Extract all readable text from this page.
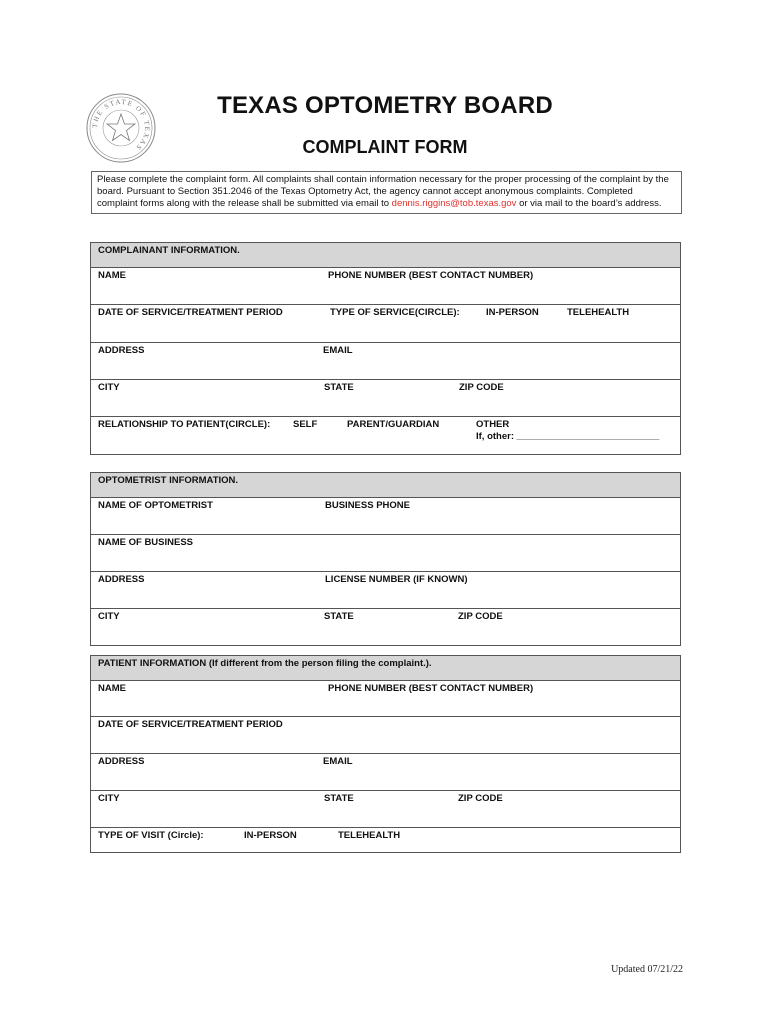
THE STATE OF TEXAS
TEXAS OPTOMETRY BOARD
COMPLAINT FORM
Please complete the complaint form. All complaints shall contain information necessary for the proper processing of the complaint by the board. Pursuant to Section 351.2046 of the Texas Optometry Act, the agency cannot accept anonymous complaints. Completed complaint forms along with the release shall be submitted via email to dennis.riggins@tob.texas.gov or via mail to the board’s address.
COMPLAINANT INFORMATION.
NAME	PHONE NUMBER (BEST CONTACT NUMBER)
DATE OF SERVICE/TREATMENT PERIOD	TYPE OF SERVICE(CIRCLE):	IN-PERSON	TELEHEALTH
ADDRESS	EMAIL
CITY	STATE	ZIP CODE
RELATIONSHIP TO PATIENT(CIRCLE): SELF	PARENT/GUARDIAN	OTHER
If, other: ___________________________
OPTOMETRIST INFORMATION.
NAME OF OPTOMETRIST	BUSINESS PHONE
NAME OF BUSINESS
ADDRESS	LICENSE NUMBER (IF KNOWN)
CITY	STATE	ZIP CODE
PATIENT INFORMATION (If different from the person filing the complaint.).
NAME	PHONE NUMBER (BEST CONTACT NUMBER)
DATE OF SERVICE/TREATMENT PERIOD
ADDRESS	EMAIL
CITY	STATE	ZIP CODE
TYPE OF VISIT (Circle):	IN-PERSON	TELEHEALTH
Updated 07/21/22
